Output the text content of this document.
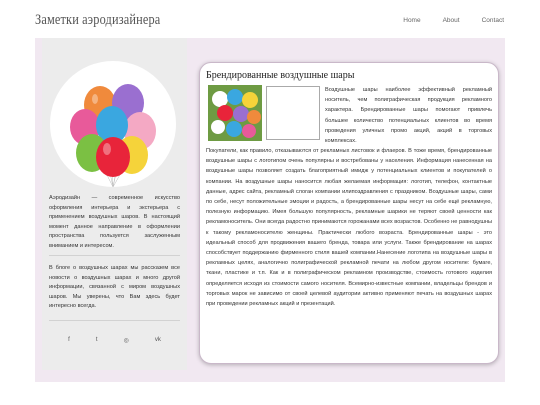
Заметки аэродизайнера	Home	About	Contact
Аэродизайн — современное искусство оформления интерьера и экстерьера с применением воздушных шаров. В настоящий момент данное направление в оформлении пространства пользуется заслуженным вниманием и интересом.
В блоге о воздушных шарах мы рассказем все новости о воздушных шарах и много другой информации, связанной с миром воздушных шаров. Мы уверены, что Вам здесь будет интересно всегда.
f	t	◎	vk
Брендированные воздушные шары
Воздушные шары наиболее эффективный рекламный носитель, чем полиграфическая продукция рекламного характера. Брендированные шары помогают привлечь большее количество потенциальных клиентов во время проведения уличных промо акций, акций в торговых комплексах.
Покупатели, как правило, отказываются от рекламных листовок и флаеров. В тоже время, брендированные воздушные шары с логотипом очень популярны и востребованы у населения. Информация нанесенная на воздушные шары позволяет создать благоприятный имидж у потенциальных клиентов и покупателей о компании. На воздушные шары наносится любая желаемая информация: логотип, телефон, контактные данные, адрес сайта, рекламный слоган компании илипоздравления с праздником. Воздушные шары, сами по себе, несут положительные эмоции и радость, а брендированные шары несут на себе ещё рекламную, полезную информацию. Имея большую популярность, рекламные шарики не теряют своей ценности как рекламоноситель. Они всегда радостно принимаются горожанами всех возрастов. Особенно не равнодушны к такому рекламоносителю женщины. Практически любого возраста. Брендированные шары - это идеальный способ для продвижения вашего бренда, товара или услуги. Также брендирование на шарах способствует поддержанию фирменного стиля вашей компании.Нанесение логотипа на воздушные шары в рекламных целях, аналогично полиграфической рекламной печати на любом другом носителе: бумаге, ткани, пластике и т.п. Как и в полиграфическом рекламном производстве, стоимость готового изделия определяется исходя из стоимости самого носителя. Всемирно-известные компании, владельцы брендов и торговых марок не зависимо от своей целевой аудитории активно применяют печать на воздушных шарах при проведении рекламных акций и презентаций.
